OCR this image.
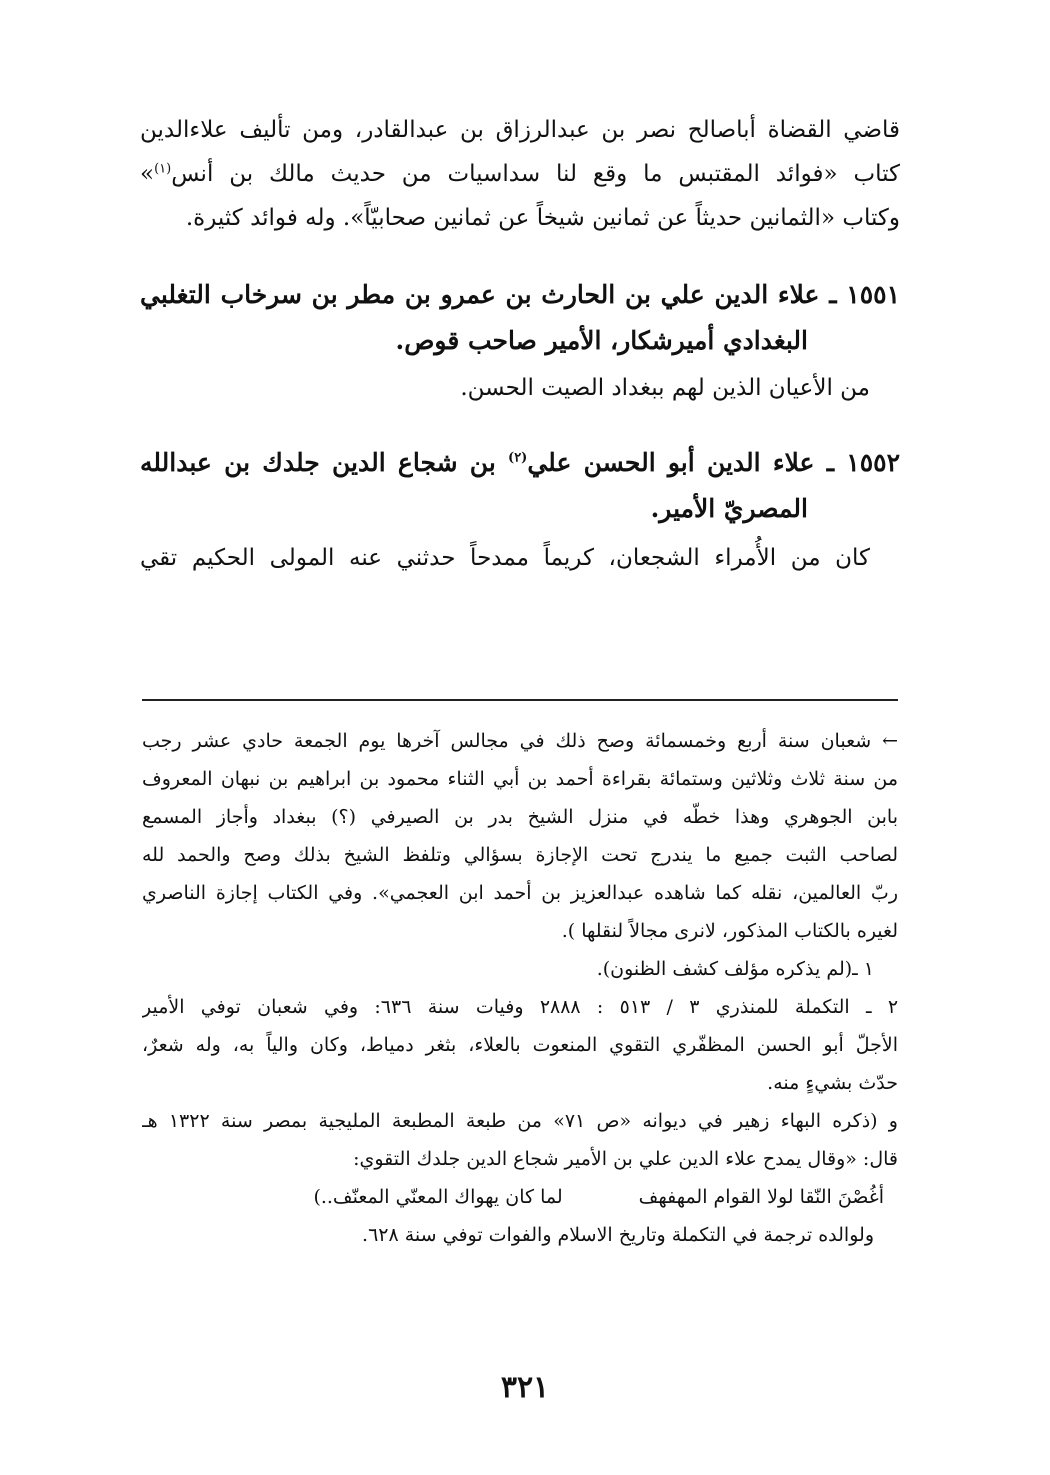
قاضي القضاة أباصالح نصر بن عبدالرزاق بن عبدالقادر، ومن تأليف علاءالدين
كتاب «فوائد المقتبس ما وقع لنا سداسيات من حديث مالك بن أنس$^{(١)}$»
وكتاب «الثمانين حديثاً عن ثمانين شيخاً عن ثمانين صحابيّاً». وله فوائد كثيرة.
١٥٥١ ـ علاء الدين علي بن الحارث بن عمرو بن مطر بن سرخاب التغلبي
البغدادي أميرشكار، الأمير صاحب قوص.
من الأعيان الذين لهم ببغداد الصيت الحسن.
١٥٥٢ ـ علاء الدين أبو الحسن علي$^{(٢)}$ بن شجاع الدين جلدك بن عبدالله
المصريّ الأمير.
كان من الأُمراء الشجعان، كريماً ممدحاً حدثني عنه المولى الحكيم تقي
← شعبان سنة أربع وخمسمائة وصح ذلك في مجالس آخرها يوم الجمعة حادي عشر رجب
من سنة ثلاث وثلاثين وستمائة بقراءة أحمد بن أبي الثناء محمود بن ابراهيم بن نبهان المعروف
بابن الجوهري وهذا خطّه في منزل الشيخ بدر بن الصيرفي (؟) ببغداد وأجاز المسمع
لصاحب الثبت جميع ما يندرج تحت الإجازة بسؤالي وتلفظ الشيخ بذلك وصح والحمد لله
ربّ العالمين، نقله كما شاهده عبدالعزيز بن أحمد ابن العجمي». وفي الكتاب إجازة الناصري
لغيره بالكتاب المذكور، لانرى مجالاً لنقلها ).
١ ـ(لم يذكره مؤلف كشف الظنون).
٢ ـ التكملة للمنذري ٣ / ٥١٣ : ٢٨٨٨ وفيات سنة ٦٣٦: وفي شعبان توفي الأمير
الأجلّ أبو الحسن المظفّري التقوي المنعوت بالعلاء، بثغر دمياط، وكان والياً به، وله شعرٌ،
حدّث بشيءٍ منه.
و (ذكره البهاء زهير في ديوانه «ص ٧١» من طبعة المطبعة المليجية بمصر سنة ١٣٢٢ هـ
قال: «وقال يمدح علاء الدين علي بن الأمير شجاع الدين جلدك التقوي:
أغُصْنَ النّقا لولا القوام المهفهف
لما كان يهواك المعنّي المعنّف..)
ولوالده ترجمة في التكملة وتاريخ الاسلام والفوات توفي سنة ٦٢٨.
٣٢١
